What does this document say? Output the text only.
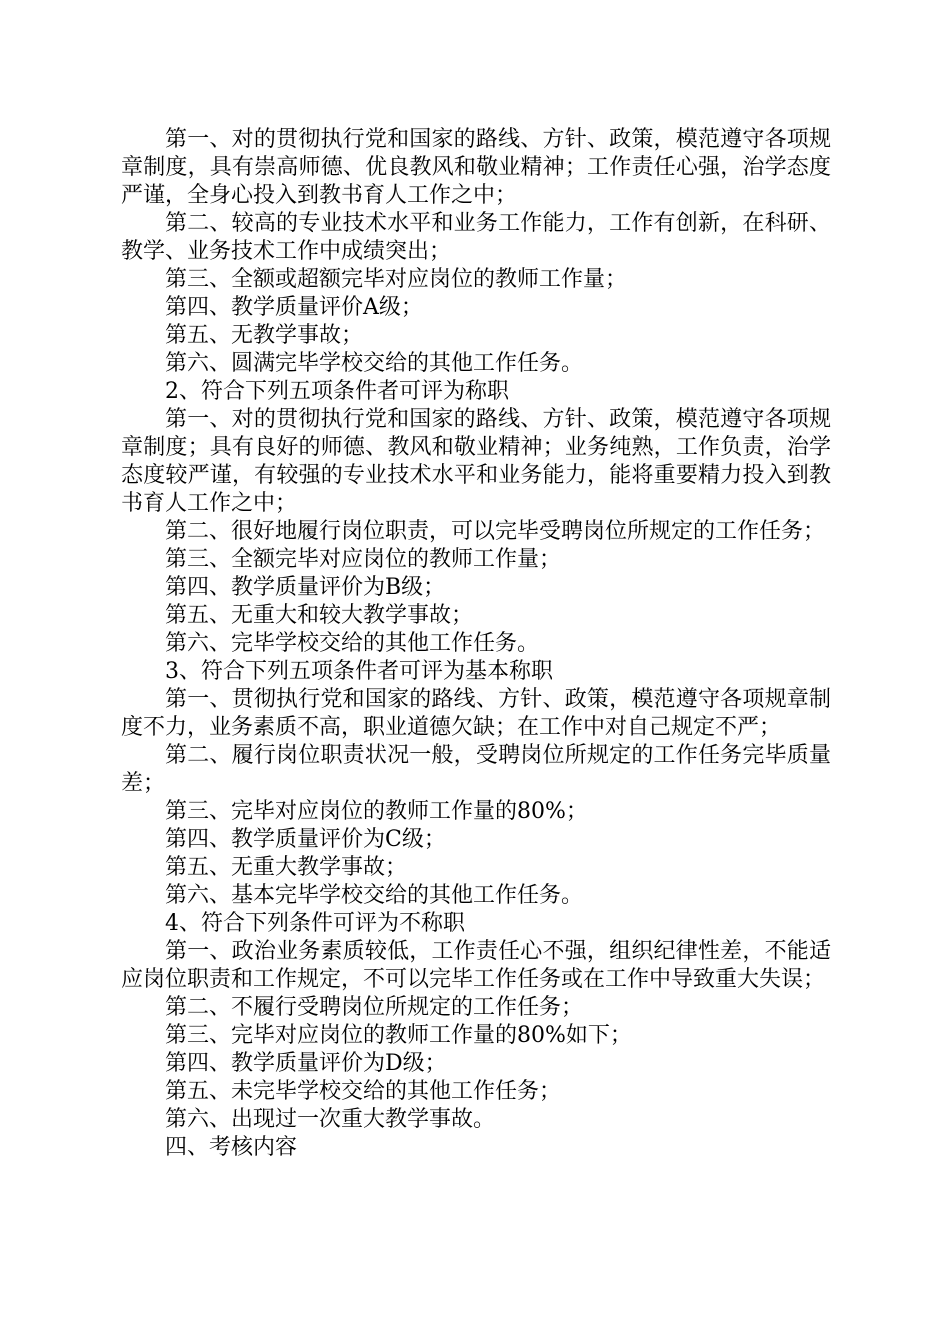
第一、对的贯彻执行党和国家的路线、方针、政策，模范遵守各项规章制度，具有崇高师德、优良教风和敬业精神；工作责任心强，治学态度严谨，全身心投入到教书育人工作之中；

第二、较高的专业技术水平和业务工作能力，工作有创新，在科研、教学、业务技术工作中成绩突出；

第三、全额或超额完毕对应岗位的教师工作量；

第四、教学质量评价A级；

第五、无教学事故；

第六、圆满完毕学校交给的其他工作任务。

2、符合下列五项条件者可评为称职

第一、对的贯彻执行党和国家的路线、方针、政策，模范遵守各项规章制度；具有良好的师德、教风和敬业精神；业务纯熟，工作负责，治学态度较严谨，有较强的专业技术水平和业务能力，能将重要精力投入到教书育人工作之中；

第二、很好地履行岗位职责，可以完毕受聘岗位所规定的工作任务；

第三、全额完毕对应岗位的教师工作量；

第四、教学质量评价为B级；

第五、无重大和较大教学事故；

第六、完毕学校交给的其他工作任务。

3、符合下列五项条件者可评为基本称职

第一、贯彻执行党和国家的路线、方针、政策，模范遵守各项规章制度不力，业务素质不高，职业道德欠缺；在工作中对自己规定不严；

第二、履行岗位职责状况一般，受聘岗位所规定的工作任务完毕质量差；

第三、完毕对应岗位的教师工作量的80%；

第四、教学质量评价为C级；

第五、无重大教学事故；

第六、基本完毕学校交给的其他工作任务。

4、符合下列条件可评为不称职

第一、政治业务素质较低，工作责任心不强，组织纪律性差，不能适应岗位职责和工作规定，不可以完毕工作任务或在工作中导致重大失误；

第二、不履行受聘岗位所规定的工作任务；

第三、完毕对应岗位的教师工作量的80%如下；

第四、教学质量评价为D级；

第五、未完毕学校交给的其他工作任务；

第六、出现过一次重大教学事故。

四、考核内容
